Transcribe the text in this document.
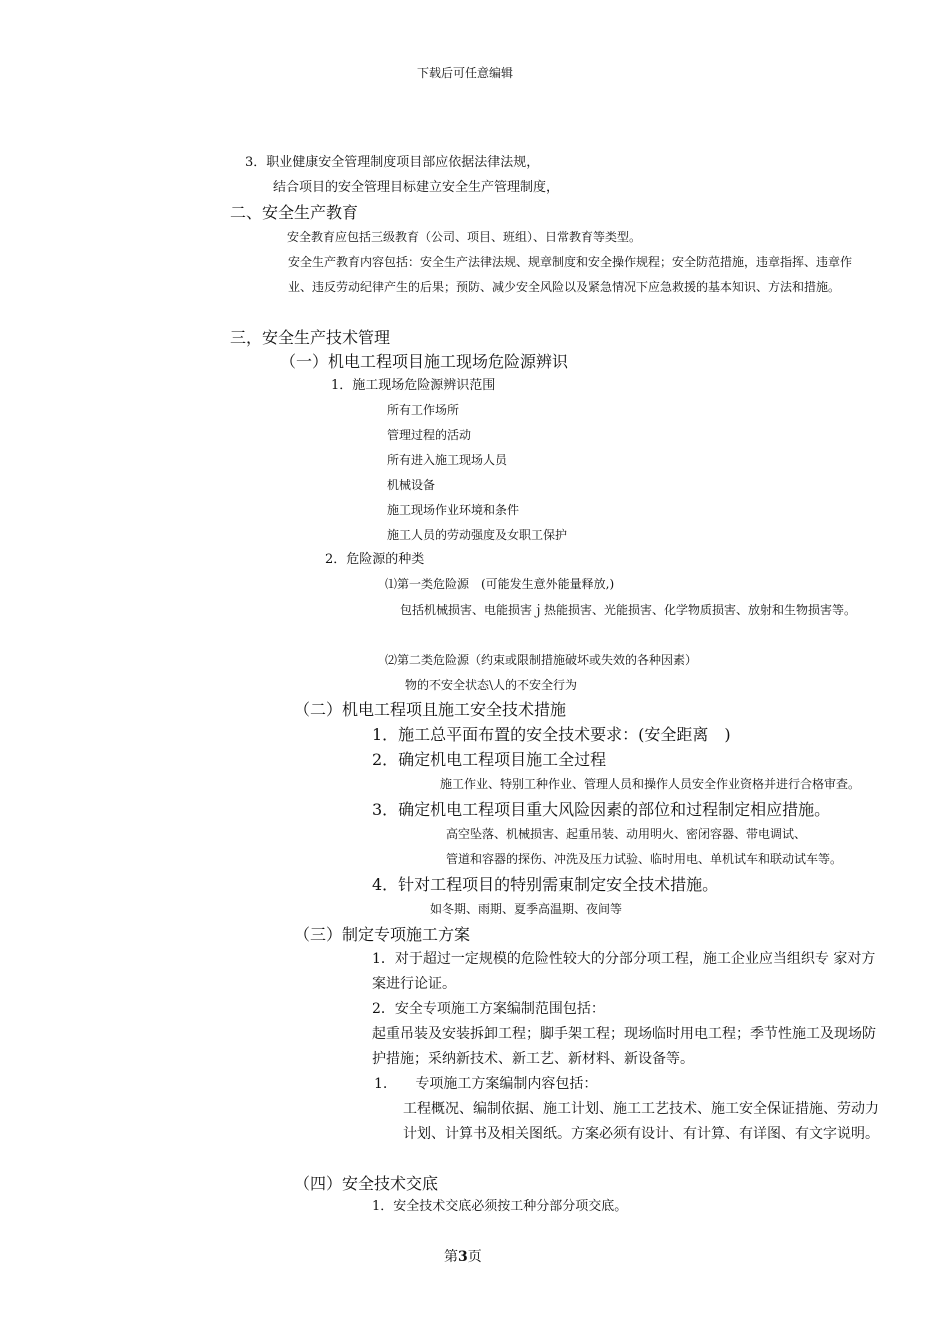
下载后可任意编辑
3．职业健康安全管理制度项目部应依据法律法规，
结合项目的安全管理目标建立安全生产管理制度，
二、安全生产教育
安全教育应包括三级教育（公司、项目、班组）、日常教育等类型。
安全生产教育内容包括：安全生产法律法规、规章制度和安全操作规程；安全防范措施，违章指挥、违章作
业、违反劳动纪律产生的后果；预防、减少安全风险以及紧急情况下应急救援的基本知识、方法和措施。
三，安全生产技术管理
（一）机电工程项目施工现场危险源辨识
1．施工现场危险源辨识范围
所有工作场所
管理过程的活动
所有进入施工现场人员
机械设备
施工现场作业环境和条件
施工人员的劳动强度及女职工保护
2．危险源的种类
⑴第一类危险源　(可能发生意外能量释放,)
包括机械损害、电能损害ｊ热能损害、光能损害、化学物质损害、放射和生物损害等。
⑵第二类危险源（约束或限制措施破坏或失效的各种因素）
物的不安全状态\人的不安全行为
（二）机电工程项且施工安全技术措施
1．施工总平面布置的安全技术要求：(安全距离　)
2．确定机电工程项目施工全过程
施工作业、特别工种作业、管理人员和操作人员安全作业资格并进行合格审查。
3．确定机电工程项目重大风险因素的部位和过程制定相应措施。
高空坠落、机械损害、起重吊装、动用明火、密闭容器、带电调试、
管道和容器的探伤、冲洗及压力试验、临时用电、单机试车和联动试车等。
4．针对工程项目的特别需東制定安全技术措施。
如冬期、雨期、夏季高温期、夜间等
（三）制定专项施工方案
1．对于超过一定规模的危险性较大的分部分项工程，施工企业应当组织专 家对方
案进行论证。
2．安全专项施工方案编制范围包括：
起重吊装及安装拆卸工程；脚手架工程；现场临时用电工程；季节性施工及现场防
护措施；采纳新技术、新工艺、新材料、新设备等。
1.　　专项施工方案编制内容包括：
工程概况、编制依据、施工计划、施工工艺技术、施工安全保证措施、劳动力
计划、计算书及相关图纸。方案必须有设计、有计算、有详图、有文字说明。
（四）安全技术交底
1．安全技术交底必须按工种分部分项交底。
第3页
